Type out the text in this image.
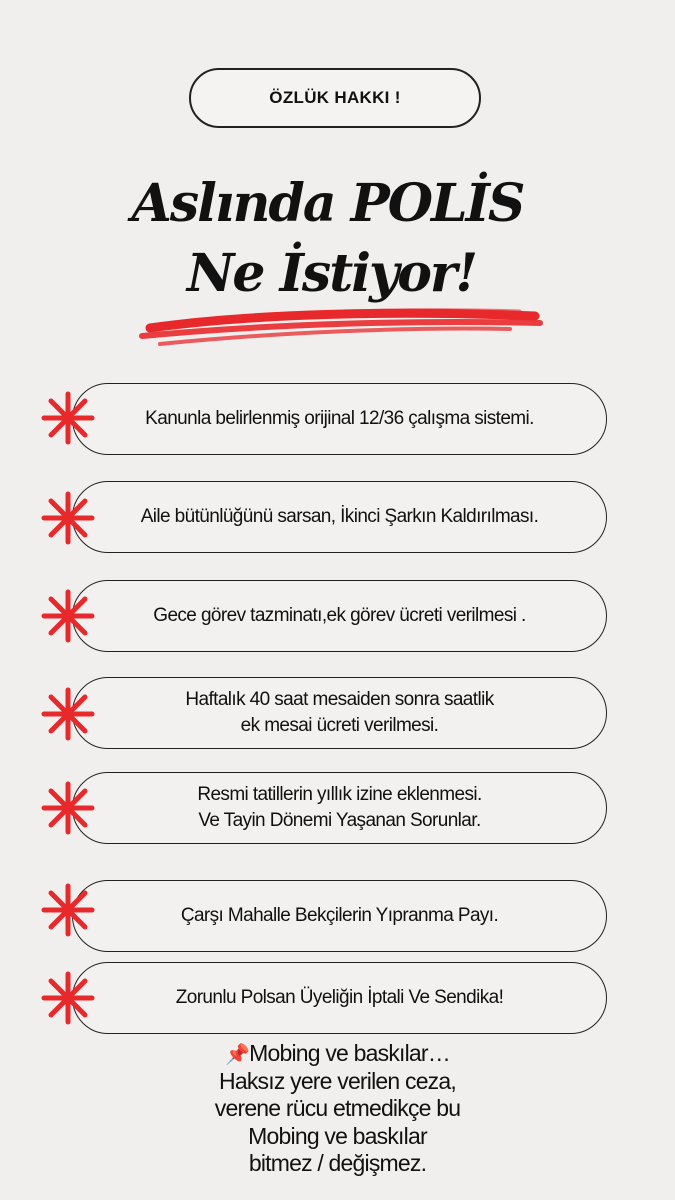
ÖZLÜK HAKKI !
Aslında POLİS
Ne İstiyor!
Kanunla belirlenmiş orijinal 12/36 çalışma sistemi.
Aile bütünlüğünü sarsan, İkinci Şarkın Kaldırılması.
Gece görev tazminatı,ek görev ücreti verilmesi .
Haftalık 40 saat mesaiden sonra saatlik
ek mesai ücreti verilmesi.
Resmi tatillerin yıllık izine eklenmesi.
Ve Tayin Dönemi Yaşanan Sorunlar.
Çarşı Mahalle Bekçilerin Yıpranma Payı.
Zorunlu Polsan Üyeliğin İptali Ve Sendika!
📌Mobing ve baskılar…
Haksız yere verilen ceza,
verene rücu etmedikçe bu
Mobing ve baskılar
bitmez / değişmez.
